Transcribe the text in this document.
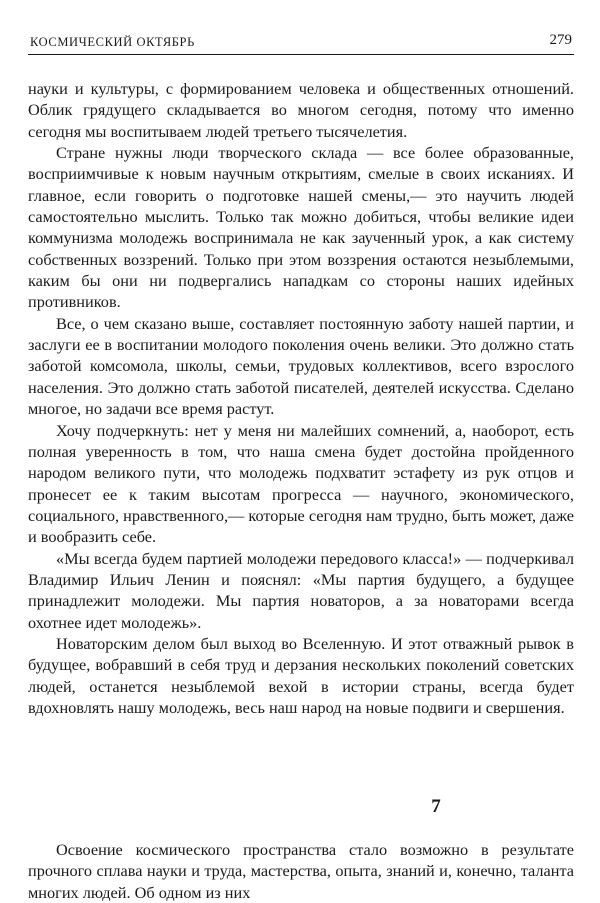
КОСМИЧЕСКИЙ ОКТЯБРЬ	279

науки и культуры, с формированием человека и общественных отношений. Облик грядущего складывается во многом сегодня, потому что именно сегодня мы воспитываем людей третьего тысячелетия.

Стране нужны люди творческого склада — все более образованные, восприимчивые к новым научным открытиям, смелые в своих исканиях. И главное, если говорить о подготовке нашей смены,— это научить людей самостоятельно мыслить. Только так можно добиться, чтобы великие идеи коммунизма молодежь воспринимала не как заученный урок, а как систему собственных воззрений. Только при этом воззрения остаются незыблемыми, каким бы они ни подвергались нападкам со стороны наших идейных противников.

Все, о чем сказано выше, составляет постоянную заботу нашей партии, и заслуги ее в воспитании молодого поколения очень велики. Это должно стать заботой комсомола, школы, семьи, трудовых коллективов, всего взрослого населения. Это должно стать заботой писателей, деятелей искусства. Сделано многое, но задачи все время растут.

Хочу подчеркнуть: нет у меня ни малейших сомнений, а, наоборот, есть полная уверенность в том, что наша смена будет достойна пройденного народом великого пути, что молодежь подхватит эстафету из рук отцов и пронесет ее к таким высотам прогресса — научного, экономического, социального, нравственного,— которые сегодня нам трудно, быть может, даже и вообразить себе.

«Мы всегда будем партией молодежи передового класса!» — подчеркивал Владимир Ильич Ленин и пояснял: «Мы партия будущего, а будущее принадлежит молодежи. Мы партия новаторов, а за новаторами всегда охотнее идет молодежь».

Новаторским делом был выход во Вселенную. И этот отважный рывок в будущее, вобравший в себя труд и дерзания нескольких поколений советских людей, останется незыблемой вехой в истории страны, всегда будет вдохновлять нашу молодежь, весь наш народ на новые подвиги и свершения.

7

Освоение космического пространства стало возможно в результате прочного сплава науки и труда, мастерства, опыта, знаний и, конечно, таланта многих людей. Об одном из них
